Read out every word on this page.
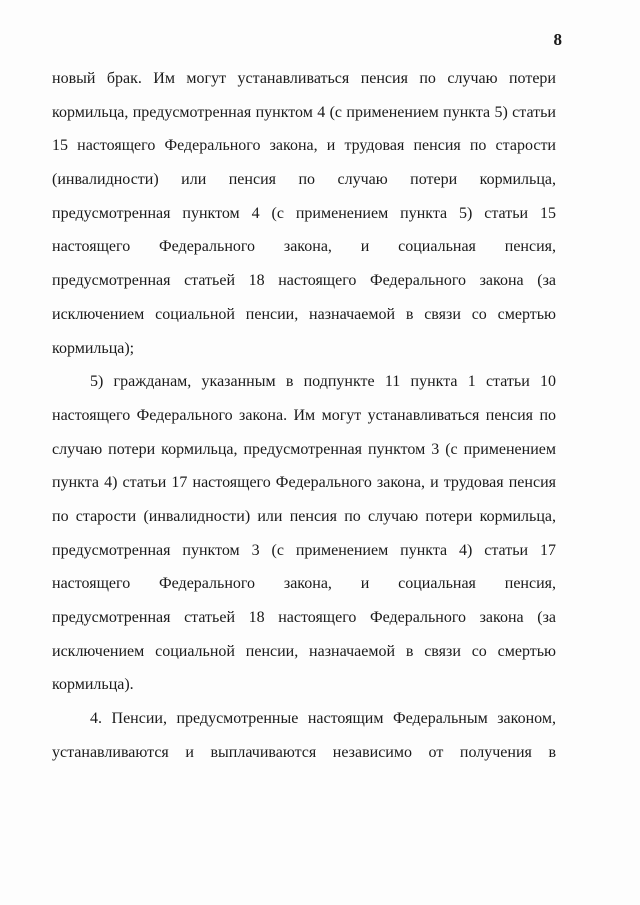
8
новый брак. Им могут устанавливаться пенсия по случаю потери
кормильца, предусмотренная пунктом 4 (с применением пункта 5) статьи
15 настоящего Федерального закона, и трудовая пенсия по старости
(инвалидности) или пенсия по случаю потери кормильца,
предусмотренная пунктом 4 (с применением пункта 5) статьи 15
настоящего Федерального закона, и социальная пенсия,
предусмотренная статьей 18 настоящего Федерального закона (за
исключением социальной пенсии, назначаемой в связи со смертью
кормильца);
5) гражданам, указанным в подпункте 11 пункта 1 статьи 10
настоящего Федерального закона. Им могут устанавливаться пенсия по
случаю потери кормильца, предусмотренная пунктом 3 (с применением
пункта 4) статьи 17 настоящего Федерального закона, и трудовая пенсия
по старости (инвалидности) или пенсия по случаю потери кормильца,
предусмотренная пунктом 3 (с применением пункта 4) статьи 17
настоящего Федерального закона, и социальная пенсия,
предусмотренная статьей 18 настоящего Федерального закона (за
исключением социальной пенсии, назначаемой в связи со смертью
кормильца).
4. Пенсии, предусмотренные настоящим Федеральным законом,
устанавливаются и выплачиваются независимо от получения в
